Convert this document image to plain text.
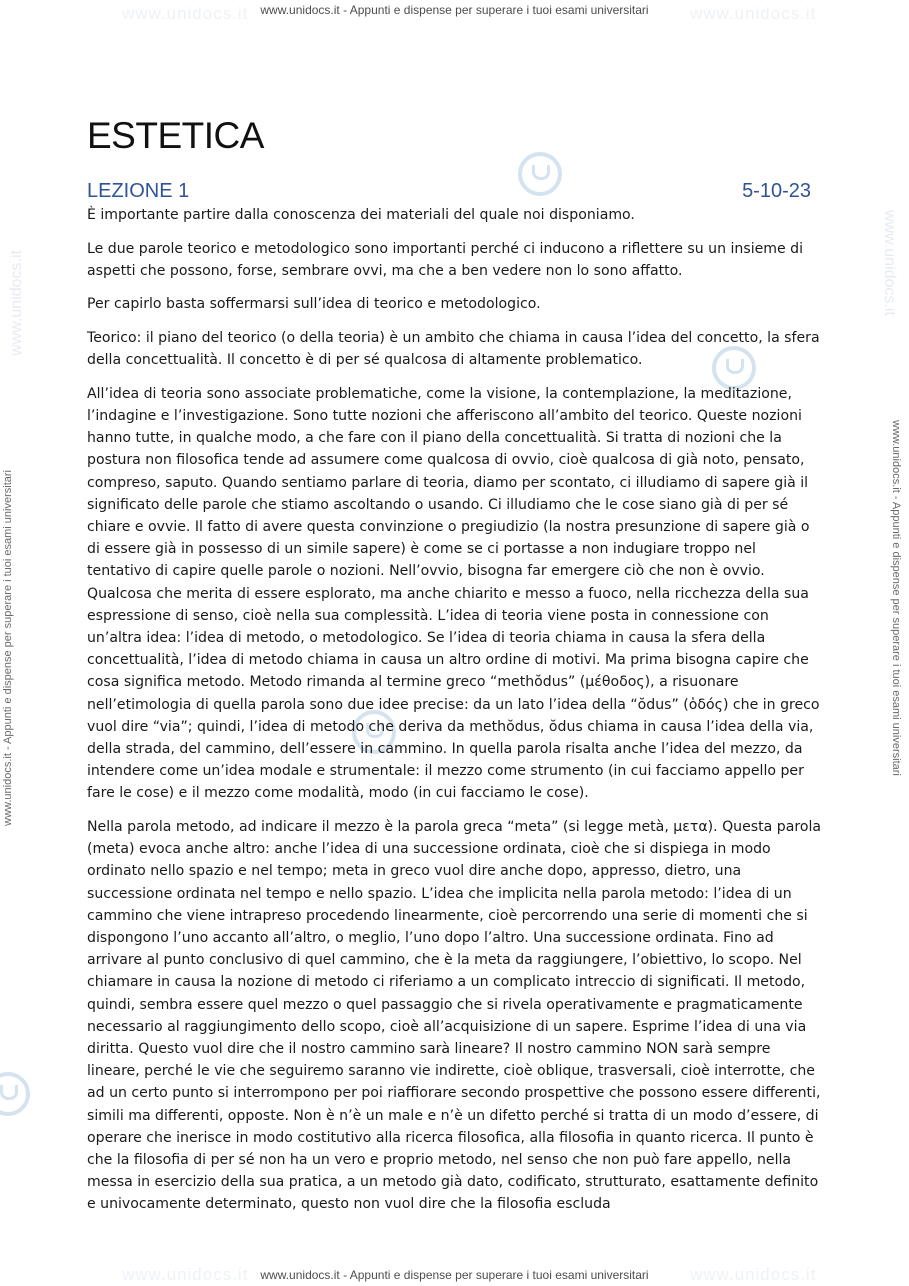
www.unidocs.it	www.unidocs.it
www.unidocs.it	www.unidocs.it
www.unidocs.it	www.unidocs.it
www.unidocs.it - Appunti e dispense per superare i tuoi esami universitari
www.unidocs.it - Appunti e dispense per superare i tuoi esami universitari
www.unidocs.it - Appunti e dispense per superare i tuoi esami universitari	www.unidocs.it - Appunti e dispense per superare i tuoi esami universitari
ESTETICA
LEZIONE 1	5-10-23

È importante partire dalla conoscenza dei materiali del quale noi disponiamo.

Le due parole teorico e metodologico sono importanti perché ci inducono a riflettere su un insieme di aspetti che possono, forse, sembrare ovvi, ma che a ben vedere non lo sono affatto.

Per capirlo basta soffermarsi sull’idea di teorico e metodologico.

Teorico: il piano del teorico (o della teoria) è un ambito che chiama in causa l’idea del concetto, la sfera della concettualità. Il concetto è di per sé qualcosa di altamente problematico.

All’idea di teoria sono associate problematiche, come la visione, la contemplazione, la meditazione, l’indagine e l’investigazione. Sono tutte nozioni che afferiscono all’ambito del teorico. Queste nozioni hanno tutte, in qualche modo, a che fare con il piano della concettualità. Si tratta di nozioni che la postura non filosofica tende ad assumere come qualcosa di ovvio, cioè qualcosa di già noto, pensato, compreso, saputo. Quando sentiamo parlare di teoria, diamo per scontato, ci illudiamo di sapere già il significato delle parole che stiamo ascoltando o usando. Ci illudiamo che le cose siano già di per sé chiare e ovvie. Il fatto di avere questa convinzione o pregiudizio (la nostra presunzione di sapere già o di essere già in possesso di un simile sapere) è come se ci portasse a non indugiare troppo nel tentativo di capire quelle parole o nozioni. Nell’ovvio, bisogna far emergere ciò che non è ovvio. Qualcosa che merita di essere esplorato, ma anche chiarito e messo a fuoco, nella ricchezza della sua espressione di senso, cioè nella sua complessità. L’idea di teoria viene posta in connessione con un’altra idea: l’idea di metodo, o metodologico. Se l’idea di teoria chiama in causa la sfera della concettualità, l’idea di metodo chiama in causa un altro ordine di motivi. Ma prima bisogna capire che cosa significa metodo. Metodo rimanda al termine greco “methŏdus” (μέθοδος), a risuonare nell’etimologia di quella parola sono due idee precise: da un lato l’idea della “ŏdus” (ὁδός) che in greco vuol dire “via”; quindi, l’idea di metodo che deriva da methŏdus, ŏdus chiama in causa l’idea della via, della strada, del cammino, dell’essere in cammino. In quella parola risalta anche l’idea del mezzo, da intendere come un’idea modale e strumentale: il mezzo come strumento (in cui facciamo appello per fare le cose) e il mezzo come modalità, modo (in cui facciamo le cose).

Nella parola metodo, ad indicare il mezzo è la parola greca “meta” (si legge metà, μετα). Questa parola (meta) evoca anche altro: anche l’idea di una successione ordinata, cioè che si dispiega in modo ordinato nello spazio e nel tempo; meta in greco vuol dire anche dopo, appresso, dietro, una successione ordinata nel tempo e nello spazio. L’idea che implicita nella parola metodo: l’idea di un cammino che viene intrapreso procedendo linearmente, cioè percorrendo una serie di momenti che si dispongono l’uno accanto all’altro, o meglio, l’uno dopo l’altro. Una successione ordinata. Fino ad arrivare al punto conclusivo di quel cammino, che è la meta da raggiungere, l’obiettivo, lo scopo. Nel chiamare in causa la nozione di metodo ci riferiamo a un complicato intreccio di significati. Il metodo, quindi, sembra essere quel mezzo o quel passaggio che si rivela operativamente e pragmaticamente necessario al raggiungimento dello scopo, cioè all’acquisizione di un sapere. Esprime l’idea di una via diritta. Questo vuol dire che il nostro cammino sarà lineare? Il nostro cammino NON sarà sempre lineare, perché le vie che seguiremo saranno vie indirette, cioè oblique, trasversali, cioè interrotte, che ad un certo punto si interrompono per poi riaffiorare secondo prospettive che possono essere differenti, simili ma differenti, opposte. Non è n’è un male e n’è un difetto perché si tratta di un modo d’essere, di operare che inerisce in modo costitutivo alla ricerca filosofica, alla filosofia in quanto ricerca. Il punto è che la filosofia di per sé non ha un vero e proprio metodo, nel senso che non può fare appello, nella messa in esercizio della sua pratica, a un metodo già dato, codificato, strutturato, esattamente definito e univocamente determinato, questo non vuol dire che la filosofia escluda
